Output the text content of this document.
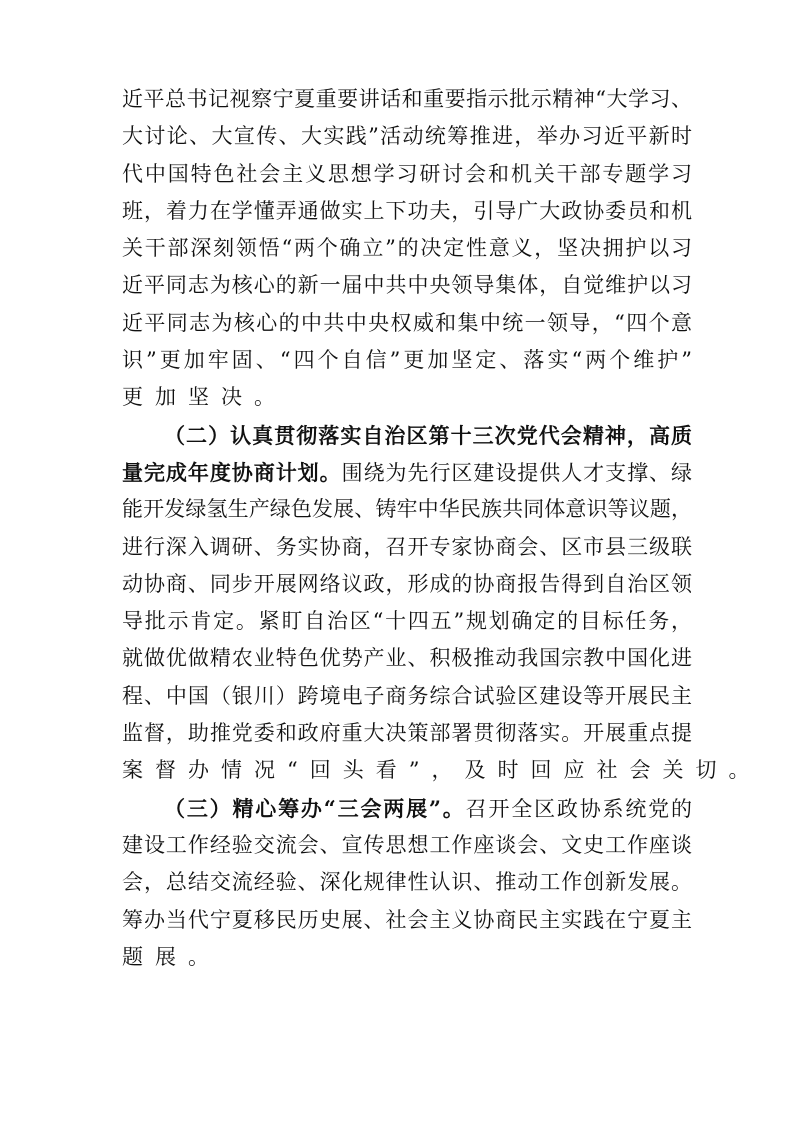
近平总书记视察宁夏重要讲话和重要指示批示精神“大学习、
大讨论、大宣传、大实践”活动统筹推进，举办习近平新时
代中国特色社会主义思想学习研讨会和机关干部专题学习
班，着力在学懂弄通做实上下功夫，引导广大政协委员和机
关干部深刻领悟“两个确立”的决定性意义，坚决拥护以习
近平同志为核心的新一届中共中央领导集体，自觉维护以习
近平同志为核心的中共中央权威和集中统一领导，“四个意
识”更加牢固、“四个自信”更加坚定、落实“两个维护”
更加坚决。
（二）认真贯彻落实自治区第十三次党代会精神，高质
量完成年度协商计划。围绕为先行区建设提供人才支撑、绿
能开发绿氢生产绿色发展、铸牢中华民族共同体意识等议题，
进行深入调研、务实协商，召开专家协商会、区市县三级联
动协商、同步开展网络议政，形成的协商报告得到自治区领
导批示肯定。紧盯自治区“十四五”规划确定的目标任务，
就做优做精农业特色优势产业、积极推动我国宗教中国化进
程、中国（银川）跨境电子商务综合试验区建设等开展民主
监督，助推党委和政府重大决策部署贯彻落实。开展重点提
案督办情况“回头看”，及时回应社会关切。
（三）精心筹办“三会两展”。召开全区政协系统党的
建设工作经验交流会、宣传思想工作座谈会、文史工作座谈
会，总结交流经验、深化规律性认识、推动工作创新发展。
筹办当代宁夏移民历史展、社会主义协商民主实践在宁夏主
题展。
